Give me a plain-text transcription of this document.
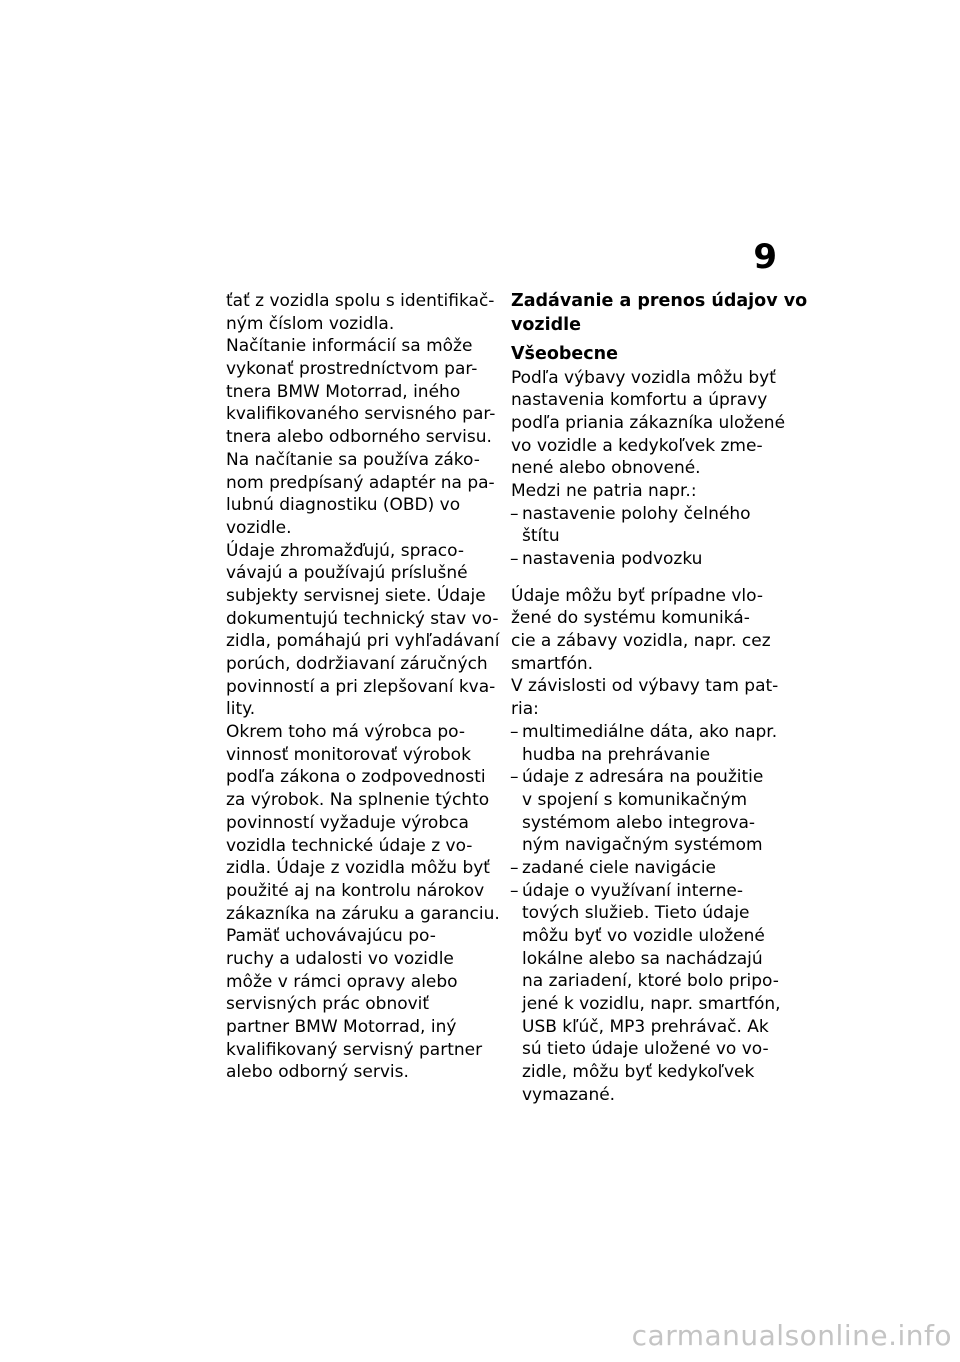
9
ťať z vozidla spolu s identifikač-
ným číslom vozidla.
Načítanie informácií sa môže
vykonať prostredníctvom par-
tnera BMW Motorrad, iného
kvalifikovaného servisného par-
tnera alebo odborného servisu.
Na načítanie sa používa záko-
nom predpísaný adaptér na pa-
lubnú diagnostiku (OBD) vo
vozidle.
Údaje zhromažďujú, spraco-
vávajú a používajú príslušné
subjekty servisnej siete. Údaje
dokumentujú technický stav vo-
zidla, pomáhajú pri vyhľadávaní
porúch, dodržiavaní záručných
povinností a pri zlepšovaní kva-
lity.
Okrem toho má výrobca po-
vinnosť monitorovať výrobok
podľa zákona o zodpovednosti
za výrobok. Na splnenie týchto
povinností vyžaduje výrobca
vozidla technické údaje z vo-
zidla. Údaje z vozidla môžu byť
použité aj na kontrolu nárokov
zákazníka na záruku a garanciu.
Pamäť uchovávajúcu po-
ruchy a udalosti vo vozidle
môže v rámci opravy alebo
servisných prác obnoviť
partner BMW Motorrad, iný
kvalifikovaný servisný partner
alebo odborný servis.
Zadávanie a prenos údajov vo
vozidle
Všeobecne
Podľa výbavy vozidla môžu byť
nastavenia komfortu a úpravy
podľa priania zákazníka uložené
vo vozidle a kedykoľvek zme-
nené alebo obnovené.
Medzi ne patria napr.:
– nastavenie polohy čelného
štítu
– nastavenia podvozku
Údaje môžu byť prípadne vlo-
žené do systému komuniká-
cie a zábavy vozidla, napr. cez
smartfón.
V závislosti od výbavy tam pat-
ria:
– multimediálne dáta, ako napr.
hudba na prehrávanie
– údaje z adresára na použitie
v spojení s komunikačným
systémom alebo integrova-
ným navigačným systémom
– zadané ciele navigácie
– údaje o využívaní interne-
tových služieb. Tieto údaje
môžu byť vo vozidle uložené
lokálne alebo sa nachádzajú
na zariadení, ktoré bolo pripo-
jené k vozidlu, napr. smartfón,
USB kľúč, MP3 prehrávač. Ak
sú tieto údaje uložené vo vo-
zidle, môžu byť kedykoľvek
vymazané.
carmanualsonline.info
